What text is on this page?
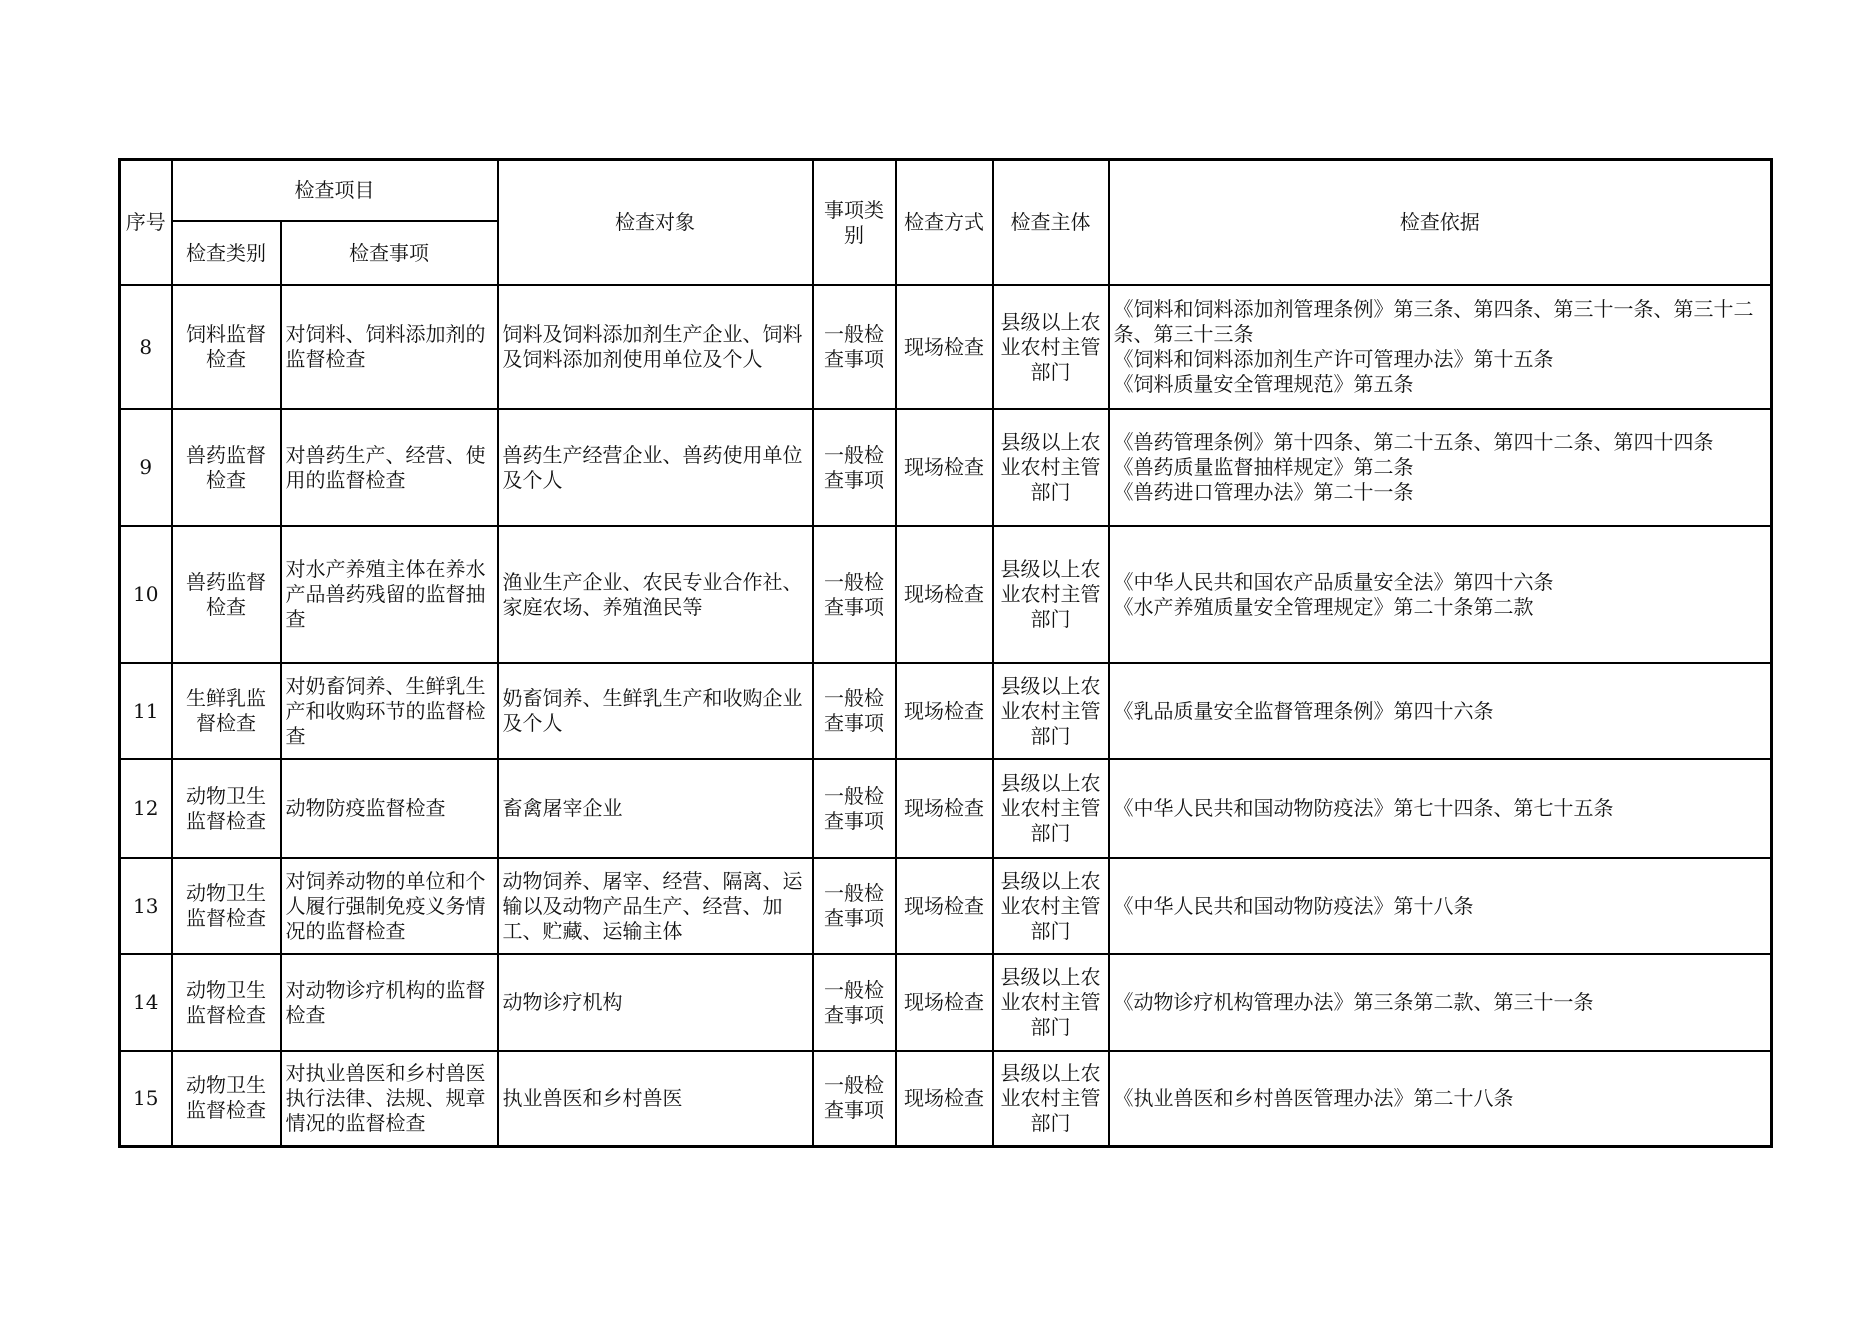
序号	检查项目		检查对象	事项类别	检查方式	检查主体	检查依据
	检查类别	检查事项					
8	饲料监督检查	对饲料、饲料添加剂的监督检查	饲料及饲料添加剂生产企业、饲料及饲料添加剂使用单位及个人	一般检查事项	现场检查	县级以上农业农村主管部门	《饲料和饲料添加剂管理条例》第三条、第四条、第三十一条、第三十二条、第三十三条
《饲料和饲料添加剂生产许可管理办法》第十五条
《饲料质量安全管理规范》第五条

9	兽药监督检查	对兽药生产、经营、使用的监督检查	兽药生产经营企业、兽药使用单位及个人	一般检查事项	现场检查	县级以上农业农村主管部门	《兽药管理条例》第十四条、第二十五条、第四十二条、第四十四条
《兽药质量监督抽样规定》第二条
《兽药进口管理办法》第二十一条

10	兽药监督检查	对水产养殖主体在养水产品兽药残留的监督抽查	渔业生产企业、农民专业合作社、家庭农场、养殖渔民等	一般检查事项	现场检查	县级以上农业农村主管部门	《中华人民共和国农产品质量安全法》第四十六条
《水产养殖质量安全管理规定》第二十条第二款

11	生鲜乳监督检查	对奶畜饲养、生鲜乳生产和收购环节的监督检查	奶畜饲养、生鲜乳生产和收购企业及个人	一般检查事项	现场检查	县级以上农业农村主管部门	《乳品质量安全监督管理条例》第四十六条

12	动物卫生监督检查	动物防疫监督检查	畜禽屠宰企业	一般检查事项	现场检查	县级以上农业农村主管部门	《中华人民共和国动物防疫法》第七十四条、第七十五条

13	动物卫生监督检查	对饲养动物的单位和个人履行强制免疫义务情况的监督检查	动物饲养、屠宰、经营、隔离、运输以及动物产品生产、经营、加工、贮藏、运输主体	一般检查事项	现场检查	县级以上农业农村主管部门	《中华人民共和国动物防疫法》第十八条

14	动物卫生监督检查	对动物诊疗机构的监督检查	动物诊疗机构	一般检查事项	现场检查	县级以上农业农村主管部门	《动物诊疗机构管理办法》第三条第二款、第三十一条

15	动物卫生监督检查	对执业兽医和乡村兽医执行法律、法规、规章情况的监督检查	执业兽医和乡村兽医	一般检查事项	现场检查	县级以上农业农村主管部门	《执业兽医和乡村兽医管理办法》第二十八条
